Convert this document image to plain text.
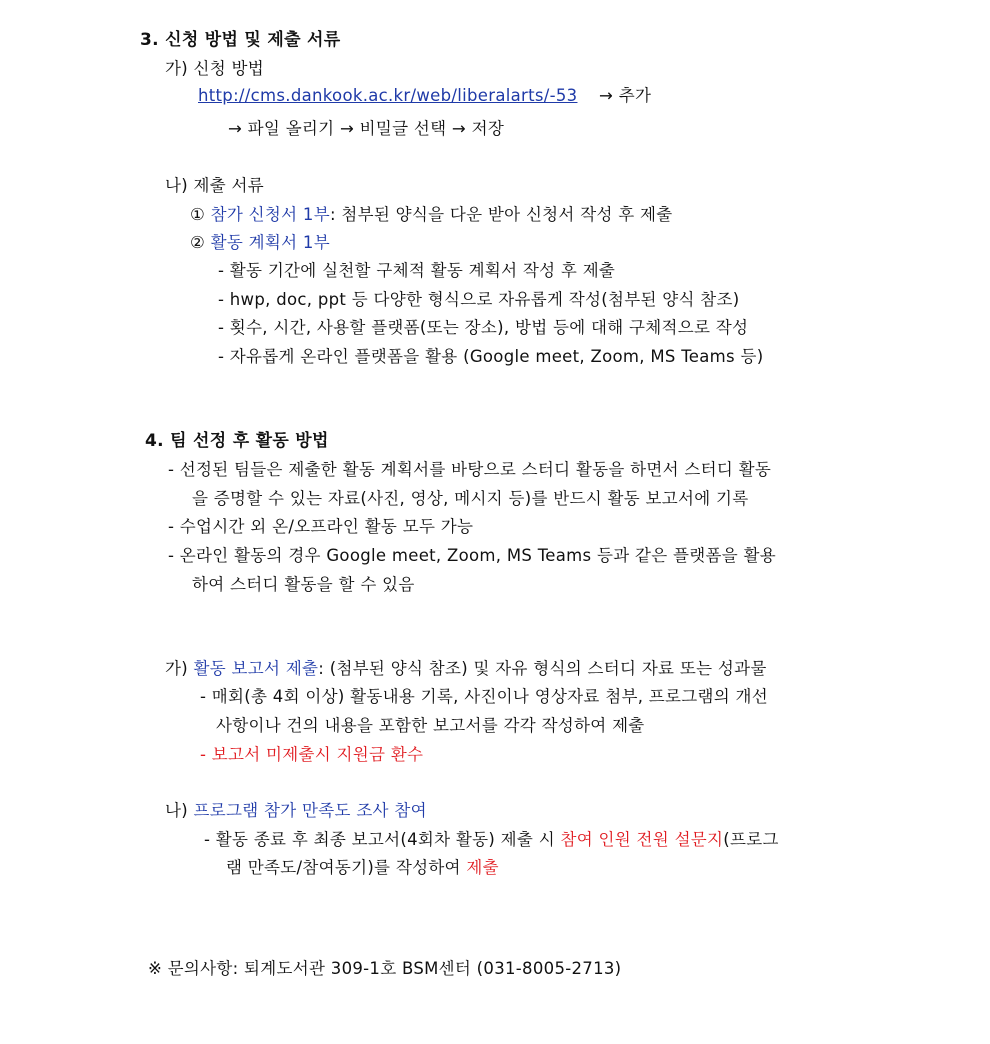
3. 신청 방법 및 제출 서류
가) 신청 방법
http://cms.dankook.ac.kr/web/liberalarts/-53 → 추가
→ 파일 올리기 → 비밀글 선택 → 저장
나) 제출 서류
① 참가 신청서 1부: 첨부된 양식을 다운 받아 신청서 작성 후 제출
② 활동 계획서 1부
- 활동 기간에 실천할 구체적 활동 계획서 작성 후 제출
- hwp, doc, ppt 등 다양한 형식으로 자유롭게 작성(첨부된 양식 참조)
- 횟수, 시간, 사용할 플랫폼(또는 장소), 방법 등에 대해 구체적으로 작성
- 자유롭게 온라인 플랫폼을 활용 (Google meet, Zoom, MS Teams 등)
4. 팀 선정 후 활동 방법
- 선정된 팀들은 제출한 활동 계획서를 바탕으로 스터디 활동을 하면서 스터디 활동
을 증명할 수 있는 자료(사진, 영상, 메시지 등)를 반드시 활동 보고서에 기록
- 수업시간 외 온/오프라인 활동 모두 가능
- 온라인 활동의 경우 Google meet, Zoom, MS Teams 등과 같은 플랫폼을 활용
하여 스터디 활동을 할 수 있음
가) 활동 보고서 제출: (첨부된 양식 참조) 및 자유 형식의 스터디 자료 또는 성과물
- 매회(총 4회 이상) 활동내용 기록, 사진이나 영상자료 첨부, 프로그램의 개선
사항이나 건의 내용을 포함한 보고서를 각각 작성하여 제출
- 보고서 미제출시 지원금 환수
나) 프로그램 참가 만족도 조사 참여
- 활동 종료 후 최종 보고서(4회차 활동) 제출 시 참여 인원 전원 설문지(프로그
램 만족도/참여동기)를 작성하여 제출
※ 문의사항: 퇴계도서관 309-1호 BSM센터 (031-8005-2713)
